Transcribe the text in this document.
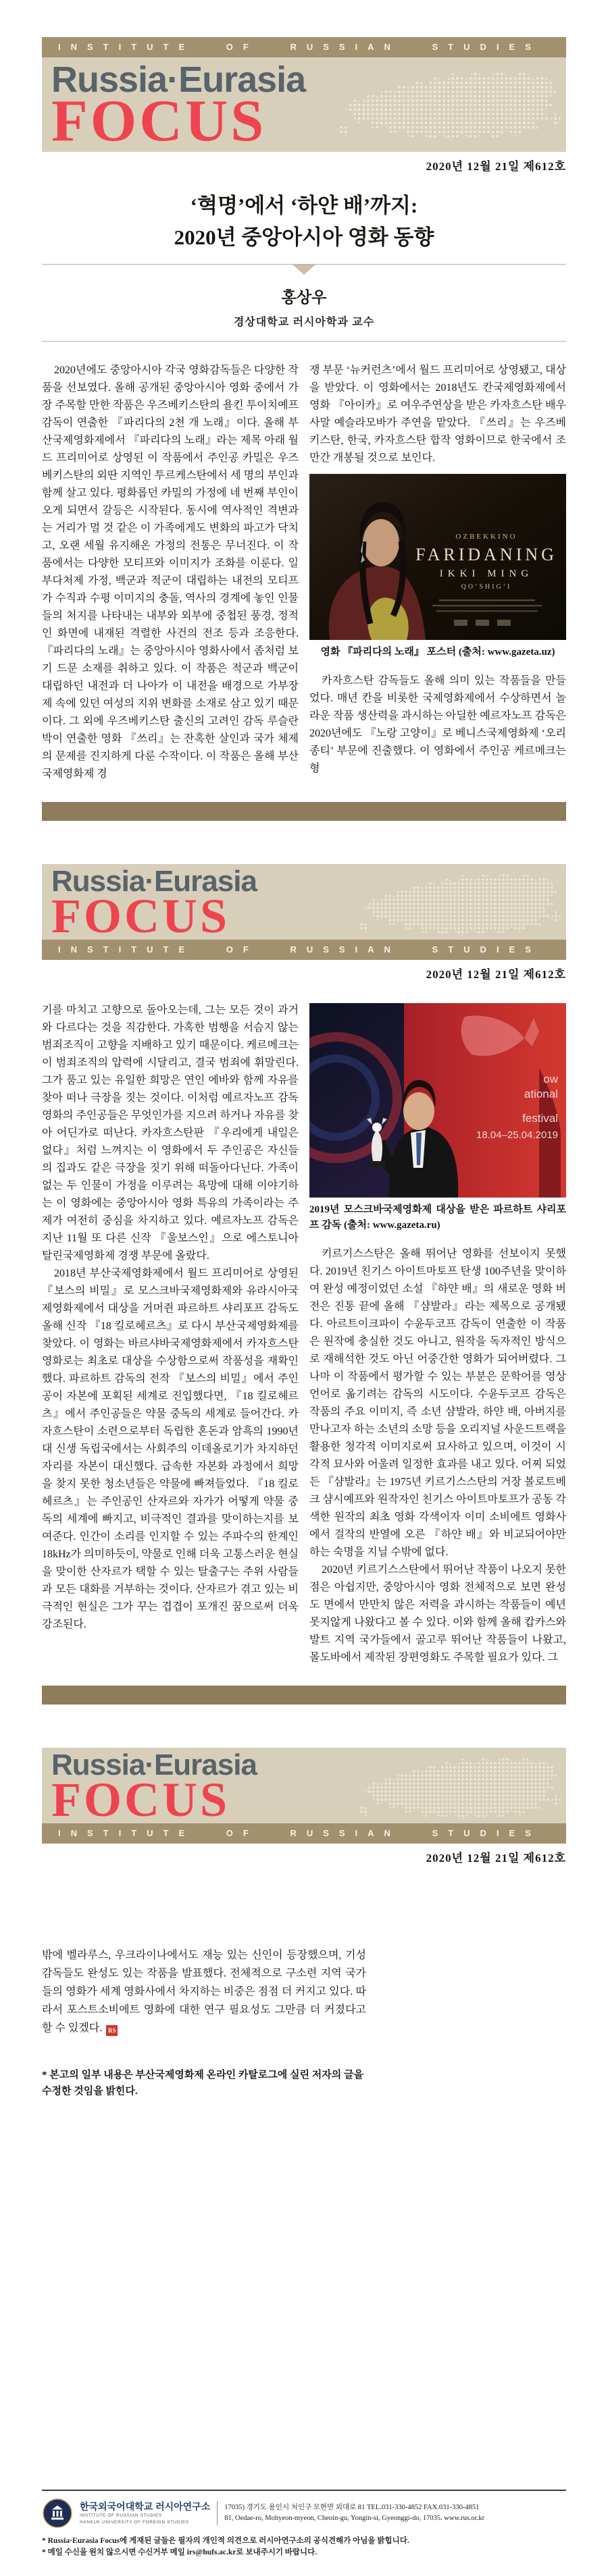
INSTITUTE OF RUSSIAN STUDIES
Russia·Eurasia
FOCUS
2020년 12월 21일 제612호
‘혁명’에서 ‘하얀 배’까지:
2020년 중앙아시아 영화 동향
홍상우
경상대학교 러시아학과 교수

2020년에도 중앙아시아 각국 영화감독들은 다양한 작품을 선보였다. 올해 공개된 중앙아시아 영화 중에서 가장 주목할 만한 작품은 우즈베키스탄의 욜킨 투이치예프 감독이 연출한 『파리다의 2천 개 노래』이다. 올해 부산국제영화제에서 『파리다의 노래』라는 제목 아래 월드 프리미어로 상영된 이 작품에서 주인공 카밀은 우즈베키스탄의 외딴 지역인 투르케스탄에서 세 명의 부인과 함께 살고 있다. 평화롭던 카밀의 가정에 네 번째 부인이 오게 되면서 갈등은 시작된다. 동시에 역사적인 격변과는 거리가 멀 것 같은 이 가족에게도 변화의 파고가 닥치고, 오랜 세월 유지해온 가정의 전통은 무너진다. 이 작품에서는 다양한 모티프와 이미지가 조화를 이룬다. 일부다처제 가정, 백군과 적군이 대립하는 내전의 모티프가 수직과 수평 이미지의 충돌, 역사의 경계에 놓인 인물들의 처지를 나타내는 내부와 외부에 중첩된 풍경, 정적인 화면에 내재된 격렬한 사건의 전조 등과 조응한다. 『파리다의 노래』는 중앙아시아 영화사에서 좀처럼 보기 드문 소재를 취하고 있다. 이 작품은 적군과 백군이 대립하던 내전과 더 나아가 이 내전을 배경으로 가부장제 속에 있던 여성의 지위 변화를 소재로 삼고 있기 때문이다. 그 외에 우즈베키스탄 출신의 고려인 감독 루슬란 박이 연출한 영화 『쓰리』는 잔혹한 살인과 국가 체제의 문제를 진지하게 다룬 수작이다. 이 작품은 올해 부산국제영화제 경

쟁 부문 ‘뉴커런츠’에서 월드 프리미어로 상영됐고, 대상을 받았다. 이 영화에서는 2018년도 칸국제영화제에서 영화 『아이카』로 여우주연상을 받은 카자흐스탄 배우 사말 예슬라모바가 주연을 맡았다. 『쓰리』는 우즈베키스탄, 한국, 카자흐스탄 합작 영화이므로 한국에서 조만간 개봉될 것으로 보인다.

OZBEKKINO
FARIDANING
IKKI MING
QO‘SHIG‘I
영화 『파리다의 노래』 포스터 (출처: www.gazeta.uz)

카자흐스탄 감독들도 올해 의미 있는 작품들을 만들었다. 매년 칸을 비롯한 국제영화제에서 수상하면서 놀라운 작품 생산력을 과시하는 아딜한 예르자노프 감독은 2020년에도 『노랑 고양이』로 베니스국제영화제 ‘오리종티’ 부문에 진출했다. 이 영화에서 주인공 케르메크는 형

Russia·Eurasia
FOCUS
INSTITUTE OF RUSSIAN STUDIES
2020년 12월 21일 제612호

기를 마치고 고향으로 돌아오는데, 그는 모든 것이 과거와 다르다는 것을 직감한다. 가혹한 범행을 서슴지 않는 범죄조직이 고향을 지배하고 있기 때문이다. 케르메크는 이 범죄조직의 압력에 시달리고, 결국 범죄에 휘말린다. 그가 품고 있는 유일한 희망은 연인 에바와 함께 자유를 찾아 떠나 극장을 짓는 것이다. 이처럼 예르자노프 감독 영화의 주인공들은 무엇인가를 지으려 하거나 자유를 찾아 어딘가로 떠난다. 카자흐스탄판 『우리에게 내일은 없다』처럼 느껴지는 이 영화에서 두 주인공은 자신들의 집과도 같은 극장을 짓기 위해 떠돌아다닌다. 가족이 없는 두 인물이 가정을 이루려는 욕망에 대해 이야기하는 이 영화에는 중앙아시아 영화 특유의 가족이라는 주제가 여전히 중심을 차지하고 있다. 예르자노프 감독은 지난 11월 또 다른 신작 『울보스인』으로 에스토니아 탈린국제영화제 경쟁 부문에 올랐다.

2018년 부산국제영화제에서 월드 프리미어로 상영된 『보스의 비밀』로 모스크바국제영화제와 유라시아국제영화제에서 대상을 거머쥔 파르하트 샤리포프 감독도 올해 신작 『18 킬로헤르츠』로 다시 부산국제영화제를 찾았다. 이 영화는 바르샤바국제영화제에서 카자흐스탄 영화로는 최초로 대상을 수상함으로써 작품성을 재확인했다. 파르하트 감독의 전작 『보스의 비밀』에서 주인공이 자본에 포획된 세계로 진입했다면, 『18 킬로헤르츠』에서 주인공들은 약물 중독의 세계로 들어간다. 카자흐스탄이 소련으로부터 독립한 혼돈과 암흑의 1990년대 신생 독립국에서는 사회주의 이데올로기가 차지하던 자리를 자본이 대신했다. 급속한 자본화 과정에서 희망을 찾지 못한 청소년들은 약물에 빠져들었다. 『18 킬로헤르츠』는 주인공인 산자르와 자가가 어떻게 약물 중독의 세계에 빠지고, 비극적인 결과를 맞이하는지를 보여준다. 인간이 소리를 인지할 수 있는 주파수의 한계인 18kHz가 의미하듯이, 약물로 인해 더욱 고통스러운 현실을 맞이한 산자르가 택할 수 있는 탈출구는 주위 사람들과 모든 대화를 거부하는 것이다. 산자르가 겪고 있는 비극적인 현실은 그가 꾸는 겹겹이 포개진 꿈으로써 더욱 강조된다.

ow
ational
festival
18.04–25.04.2019
2019년 모스크바국제영화제 대상을 받은 파르하트 샤리포프 감독 (출처: www.gazeta.ru)

키르기스스탄은 올해 뛰어난 영화를 선보이지 못했다. 2019년 친기스 아이트마토프 탄생 100주년을 맞이하여 완성 예정이었던 소설 『하얀 배』의 새로운 영화 버전은 진통 끝에 올해 『샴발라』라는 제목으로 공개됐다. 아르트이크파이 수윤두코프 감독이 연출한 이 작품은 원작에 충실한 것도 아니고, 원작을 독자적인 방식으로 재해석한 것도 아닌 어중간한 영화가 되어버렸다. 그나마 이 작품에서 평가할 수 있는 부분은 문학어를 영상 언어로 옮기려는 감독의 시도이다. 수윤두코프 감독은 작품의 주요 이미지, 즉 소년 샴발라, 하얀 배, 아버지를 만나고자 하는 소년의 소망 등을 오리지널 사운드트랙을 활용한 청각적 이미지로써 묘사하고 있으며, 이것이 시각적 묘사와 어울려 일정한 효과를 내고 있다. 어찌 되었든 『샴발라』는 1975년 키르기스스탄의 거장 볼로트베크 샴시예프와 원작자인 친기스 아이트마토프가 공동 각색한 원작의 최초 영화 각색이자 이미 소비에트 영화사에서 걸작의 반열에 오른 『하얀 배』와 비교되어야만 하는 숙명을 지닐 수밖에 없다.

2020년 키르기스스탄에서 뛰어난 작품이 나오지 못한 점은 아쉽지만, 중앙아시아 영화 전체적으로 보면 완성도 면에서 만만치 않은 저력을 과시하는 작품들이 예년 못지않게 나왔다고 볼 수 있다. 이와 함께 올해 캅카스와 발트 지역 국가들에서 골고루 뛰어난 작품들이 나왔고, 몰도바에서 제작된 장편영화도 주목할 필요가 있다. 그

Russia·Eurasia
FOCUS
INSTITUTE OF RUSSIAN STUDIES
2020년 12월 21일 제612호
밖에 벨라루스, 우크라이나에서도 재능 있는 신인이 등장했으며, 기성 감독들도 완성도 있는 작품을 발표했다. 전체적으로 구소련 지역 국가들의 영화가 세계 영화사에서 차지하는 비중은 점점 더 커지고 있다. 따라서 포스트소비에트 영화에 대한 연구 필요성도 그만큼 더 커졌다고 할 수 있겠다. RS
* 본고의 일부 내용은 부산국제영화제 온라인 카탈로그에 실린 저자의 글을 수정한 것임을 밝힌다.
한국외국어대학교 러시아연구소
INSTITUTE OF RUSSIAN STUDIES
HANKUK UNIVERSITY OF FOREIGN STUDIES
17035) 경기도 용인시 처인구 모현면 외대로 81 TEL.031-330-4852 FAX.031-330-4851
81, Oedae-ro, Mohyeon-myeon, Cheoin-gu, Yongin-si, Gyeonggi-do, 17035. www.rus.or.kr
* Russia·Eurasia Focus에 게재된 글들은 필자의 개인적 의견으로 러시아연구소의 공식견해가 아님을 밝힙니다.
* 메일 수신을 원치 않으시면 수신거부 메일 irs@hufs.ac.kr로 보내주시기 바랍니다.
